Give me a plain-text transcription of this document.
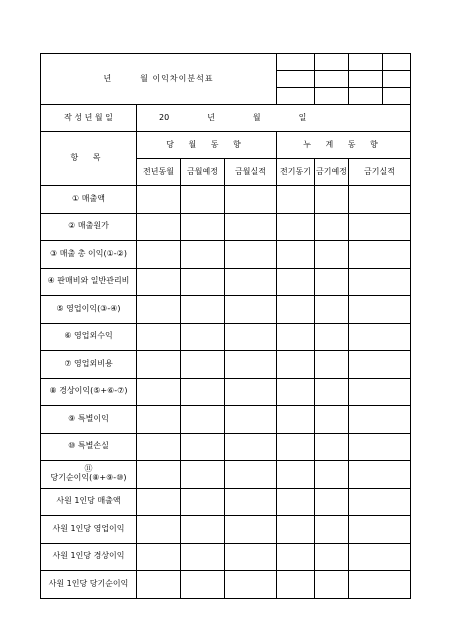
년 월 이익차이분석표							

작 성 년 월 일	20 년 월 일						
항 목	당 월 동 향			누 계 동 향			
	전년동월	금월예정	금월실적	전기동기	금기예정	금기실적	
① 매출액							
② 매출원가							
③ 매출 총 이익(①-②)							
④ 판매비와 일반관리비							
⑤ 영업이익(③-④)							
⑥ 영업외수익							
⑦ 영업외비용							
⑧ 경상이익(⑤+⑥-⑦)							
⑨ 특별이익							
⑩ 특별손실							

⑪
당기순이익(⑧+⑨-⑩)							

사원 1인당 매출액							
사원 1인당 영업이익							
사원 1인당 경상이익							
사원 1인당 당기순이익							
